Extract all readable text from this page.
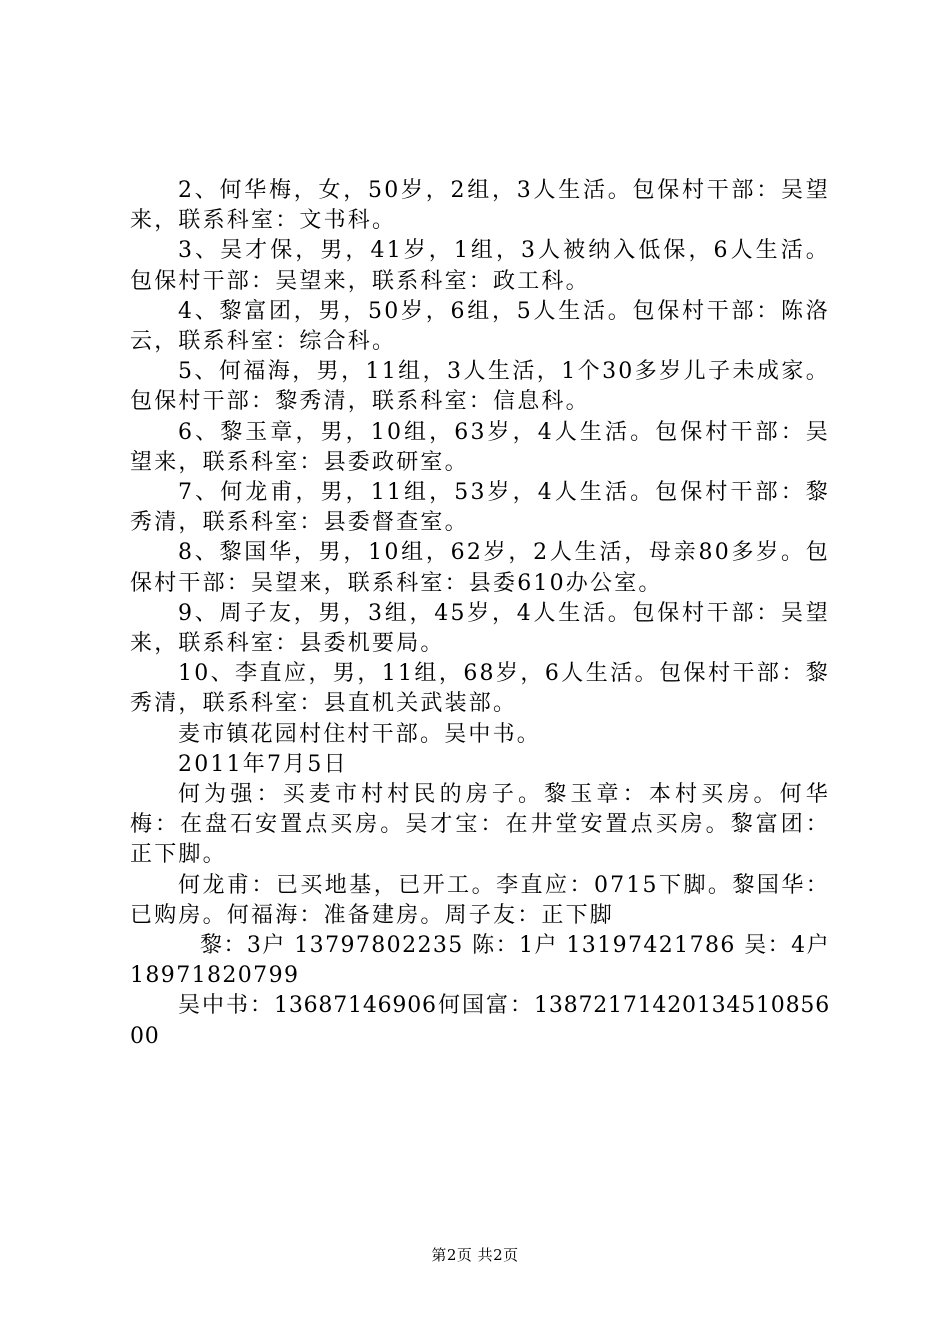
2、何华梅，女，50岁，2组，3人生活。包保村干部：吴望来，联系科室：文书科。

3、吴才保，男，41岁，1组，3人被纳入低保，6人生活。包保村干部：吴望来，联系科室：政工科。

4、黎富团，男，50岁，6组，5人生活。包保村干部：陈洛云，联系科室：综合科。

5、何福海，男，11组，3人生活，1个30多岁儿子未成家。包保村干部：黎秀清，联系科室：信息科。

6、黎玉章，男，10组，63岁，4人生活。包保村干部：吴望来，联系科室：县委政研室。

7、何龙甫，男，11组，53岁，4人生活。包保村干部：黎秀清，联系科室：县委督查室。

8、黎国华，男，10组，62岁，2人生活，母亲80多岁。包保村干部：吴望来，联系科室：县委610办公室。

9、周子友，男，3组，45岁，4人生活。包保村干部：吴望来，联系科室：县委机要局。

10、李直应，男，11组，68岁，6人生活。包保村干部：黎秀清，联系科室：县直机关武装部。

麦市镇花园村住村干部。吴中书。

2011年7月5日

何为强：买麦市村村民的房子。黎玉章：本村买房。何华梅：在盘石安置点买房。吴才宝：在井堂安置点买房。黎富团：正下脚。

何龙甫：已买地基，已开工。李直应：0715下脚。黎国华：已购房。何福海：准备建房。周子友：正下脚

黎：3户 13797802235 陈：1户 13197421786 吴：4户 18971820799

吴中书：13687146906何国富：1387217142013451085600

第2页 共2页
